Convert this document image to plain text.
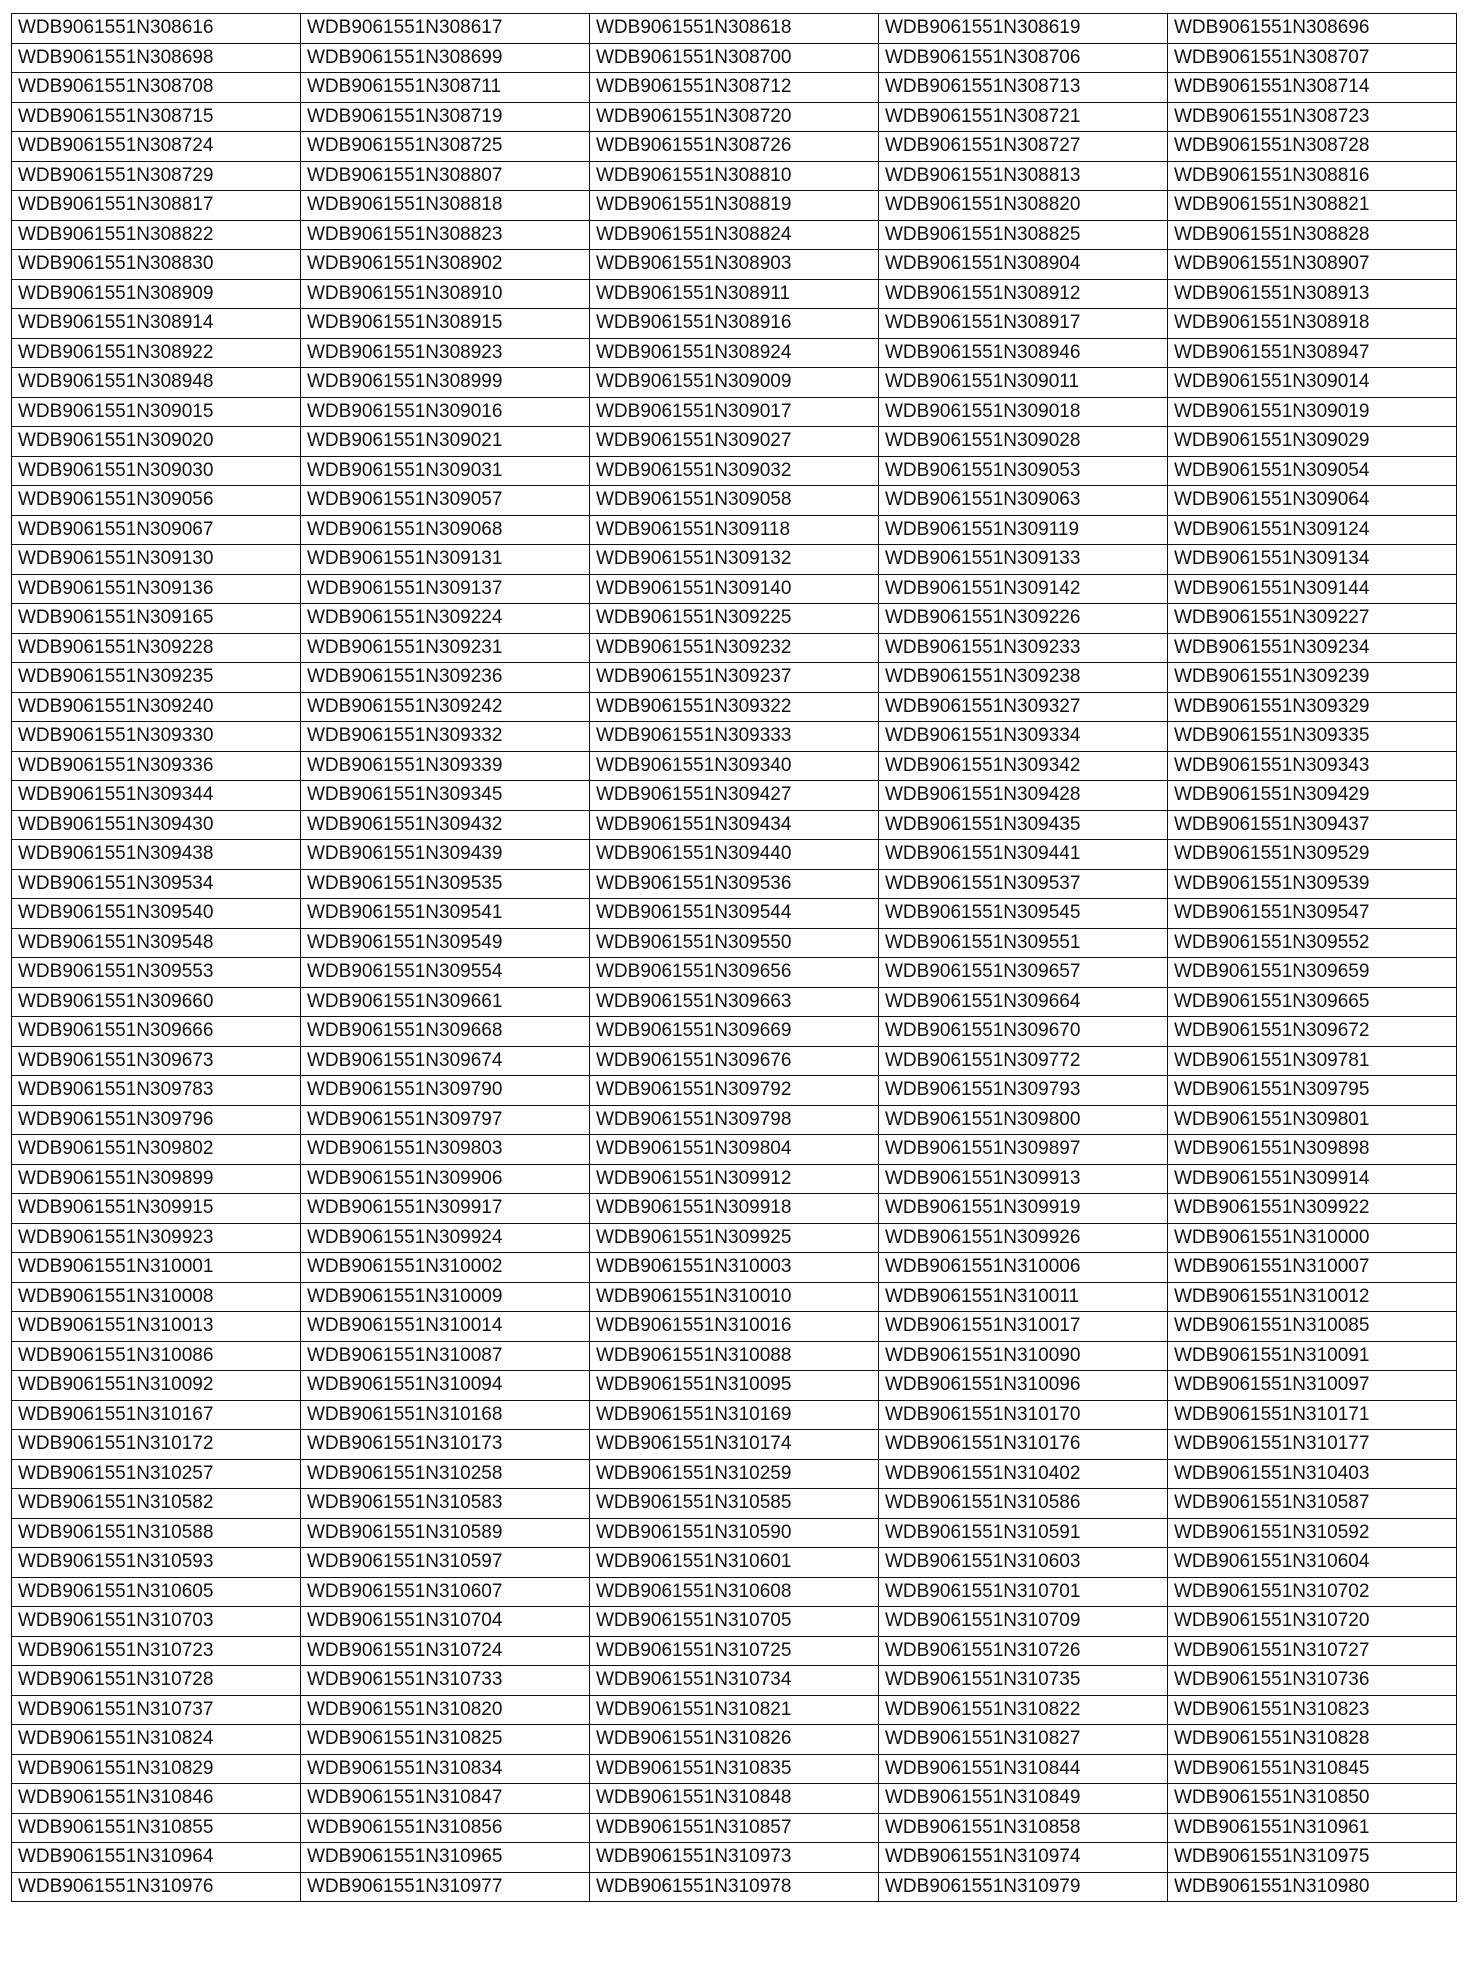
WDB9061551N308616	WDB9061551N308617	WDB9061551N308618	WDB9061551N308619	WDB9061551N308696
WDB9061551N308698	WDB9061551N308699	WDB9061551N308700	WDB9061551N308706	WDB9061551N308707
WDB9061551N308708	WDB9061551N308711	WDB9061551N308712	WDB9061551N308713	WDB9061551N308714
WDB9061551N308715	WDB9061551N308719	WDB9061551N308720	WDB9061551N308721	WDB9061551N308723
WDB9061551N308724	WDB9061551N308725	WDB9061551N308726	WDB9061551N308727	WDB9061551N308728
WDB9061551N308729	WDB9061551N308807	WDB9061551N308810	WDB9061551N308813	WDB9061551N308816
WDB9061551N308817	WDB9061551N308818	WDB9061551N308819	WDB9061551N308820	WDB9061551N308821
WDB9061551N308822	WDB9061551N308823	WDB9061551N308824	WDB9061551N308825	WDB9061551N308828
WDB9061551N308830	WDB9061551N308902	WDB9061551N308903	WDB9061551N308904	WDB9061551N308907
WDB9061551N308909	WDB9061551N308910	WDB9061551N308911	WDB9061551N308912	WDB9061551N308913
WDB9061551N308914	WDB9061551N308915	WDB9061551N308916	WDB9061551N308917	WDB9061551N308918
WDB9061551N308922	WDB9061551N308923	WDB9061551N308924	WDB9061551N308946	WDB9061551N308947
WDB9061551N308948	WDB9061551N308999	WDB9061551N309009	WDB9061551N309011	WDB9061551N309014
WDB9061551N309015	WDB9061551N309016	WDB9061551N309017	WDB9061551N309018	WDB9061551N309019
WDB9061551N309020	WDB9061551N309021	WDB9061551N309027	WDB9061551N309028	WDB9061551N309029
WDB9061551N309030	WDB9061551N309031	WDB9061551N309032	WDB9061551N309053	WDB9061551N309054
WDB9061551N309056	WDB9061551N309057	WDB9061551N309058	WDB9061551N309063	WDB9061551N309064
WDB9061551N309067	WDB9061551N309068	WDB9061551N309118	WDB9061551N309119	WDB9061551N309124
WDB9061551N309130	WDB9061551N309131	WDB9061551N309132	WDB9061551N309133	WDB9061551N309134
WDB9061551N309136	WDB9061551N309137	WDB9061551N309140	WDB9061551N309142	WDB9061551N309144
WDB9061551N309165	WDB9061551N309224	WDB9061551N309225	WDB9061551N309226	WDB9061551N309227
WDB9061551N309228	WDB9061551N309231	WDB9061551N309232	WDB9061551N309233	WDB9061551N309234
WDB9061551N309235	WDB9061551N309236	WDB9061551N309237	WDB9061551N309238	WDB9061551N309239
WDB9061551N309240	WDB9061551N309242	WDB9061551N309322	WDB9061551N309327	WDB9061551N309329
WDB9061551N309330	WDB9061551N309332	WDB9061551N309333	WDB9061551N309334	WDB9061551N309335
WDB9061551N309336	WDB9061551N309339	WDB9061551N309340	WDB9061551N309342	WDB9061551N309343
WDB9061551N309344	WDB9061551N309345	WDB9061551N309427	WDB9061551N309428	WDB9061551N309429
WDB9061551N309430	WDB9061551N309432	WDB9061551N309434	WDB9061551N309435	WDB9061551N309437
WDB9061551N309438	WDB9061551N309439	WDB9061551N309440	WDB9061551N309441	WDB9061551N309529
WDB9061551N309534	WDB9061551N309535	WDB9061551N309536	WDB9061551N309537	WDB9061551N309539
WDB9061551N309540	WDB9061551N309541	WDB9061551N309544	WDB9061551N309545	WDB9061551N309547
WDB9061551N309548	WDB9061551N309549	WDB9061551N309550	WDB9061551N309551	WDB9061551N309552
WDB9061551N309553	WDB9061551N309554	WDB9061551N309656	WDB9061551N309657	WDB9061551N309659
WDB9061551N309660	WDB9061551N309661	WDB9061551N309663	WDB9061551N309664	WDB9061551N309665
WDB9061551N309666	WDB9061551N309668	WDB9061551N309669	WDB9061551N309670	WDB9061551N309672
WDB9061551N309673	WDB9061551N309674	WDB9061551N309676	WDB9061551N309772	WDB9061551N309781
WDB9061551N309783	WDB9061551N309790	WDB9061551N309792	WDB9061551N309793	WDB9061551N309795
WDB9061551N309796	WDB9061551N309797	WDB9061551N309798	WDB9061551N309800	WDB9061551N309801
WDB9061551N309802	WDB9061551N309803	WDB9061551N309804	WDB9061551N309897	WDB9061551N309898
WDB9061551N309899	WDB9061551N309906	WDB9061551N309912	WDB9061551N309913	WDB9061551N309914
WDB9061551N309915	WDB9061551N309917	WDB9061551N309918	WDB9061551N309919	WDB9061551N309922
WDB9061551N309923	WDB9061551N309924	WDB9061551N309925	WDB9061551N309926	WDB9061551N310000
WDB9061551N310001	WDB9061551N310002	WDB9061551N310003	WDB9061551N310006	WDB9061551N310007
WDB9061551N310008	WDB9061551N310009	WDB9061551N310010	WDB9061551N310011	WDB9061551N310012
WDB9061551N310013	WDB9061551N310014	WDB9061551N310016	WDB9061551N310017	WDB9061551N310085
WDB9061551N310086	WDB9061551N310087	WDB9061551N310088	WDB9061551N310090	WDB9061551N310091
WDB9061551N310092	WDB9061551N310094	WDB9061551N310095	WDB9061551N310096	WDB9061551N310097
WDB9061551N310167	WDB9061551N310168	WDB9061551N310169	WDB9061551N310170	WDB9061551N310171
WDB9061551N310172	WDB9061551N310173	WDB9061551N310174	WDB9061551N310176	WDB9061551N310177
WDB9061551N310257	WDB9061551N310258	WDB9061551N310259	WDB9061551N310402	WDB9061551N310403
WDB9061551N310582	WDB9061551N310583	WDB9061551N310585	WDB9061551N310586	WDB9061551N310587
WDB9061551N310588	WDB9061551N310589	WDB9061551N310590	WDB9061551N310591	WDB9061551N310592
WDB9061551N310593	WDB9061551N310597	WDB9061551N310601	WDB9061551N310603	WDB9061551N310604
WDB9061551N310605	WDB9061551N310607	WDB9061551N310608	WDB9061551N310701	WDB9061551N310702
WDB9061551N310703	WDB9061551N310704	WDB9061551N310705	WDB9061551N310709	WDB9061551N310720
WDB9061551N310723	WDB9061551N310724	WDB9061551N310725	WDB9061551N310726	WDB9061551N310727
WDB9061551N310728	WDB9061551N310733	WDB9061551N310734	WDB9061551N310735	WDB9061551N310736
WDB9061551N310737	WDB9061551N310820	WDB9061551N310821	WDB9061551N310822	WDB9061551N310823
WDB9061551N310824	WDB9061551N310825	WDB9061551N310826	WDB9061551N310827	WDB9061551N310828
WDB9061551N310829	WDB9061551N310834	WDB9061551N310835	WDB9061551N310844	WDB9061551N310845
WDB9061551N310846	WDB9061551N310847	WDB9061551N310848	WDB9061551N310849	WDB9061551N310850
WDB9061551N310855	WDB9061551N310856	WDB9061551N310857	WDB9061551N310858	WDB9061551N310961
WDB9061551N310964	WDB9061551N310965	WDB9061551N310973	WDB9061551N310974	WDB9061551N310975
WDB9061551N310976	WDB9061551N310977	WDB9061551N310978	WDB9061551N310979	WDB9061551N310980
